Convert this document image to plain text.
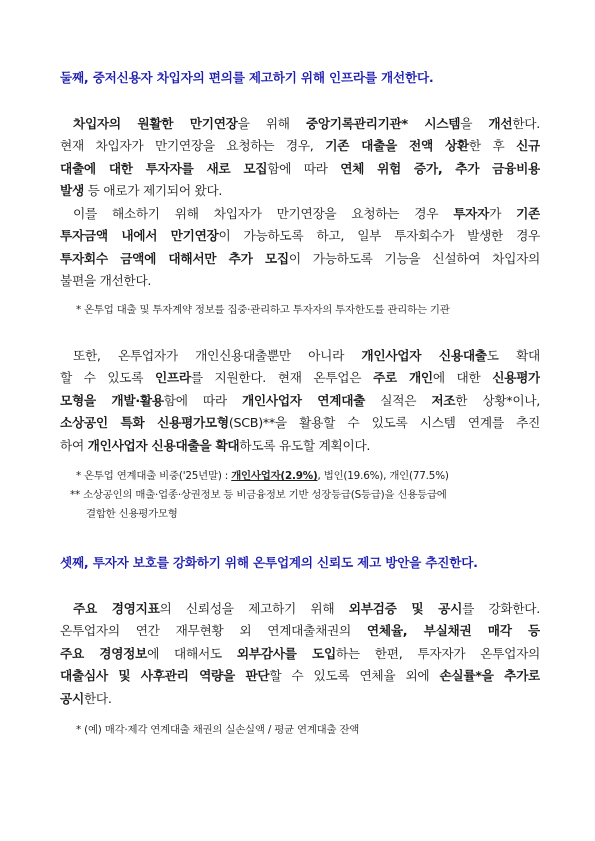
둘째, 중저신용자 차입자의 편의를 제고하기 위해 인프라를 개선한다.
차입자의 원활한 만기연장을 위해 중앙기록관리기관* 시스템을 개선한다.
현재 차입자가 만기연장을 요청하는 경우, 기존 대출을 전액 상환한 후 신규
대출에 대한 투자자를 새로 모집함에 따라 연체 위험 증가, 추가 금융비용
발생 등 애로가 제기되어 왔다.
이를 해소하기 위해 차입자가 만기연장을 요청하는 경우 투자자가 기존
투자금액 내에서 만기연장이 가능하도록 하고, 일부 투자회수가 발생한 경우
투자회수 금액에 대해서만 추가 모집이 가능하도록 기능을 신설하여 차입자의
불편을 개선한다.
* 온투업 대출 및 투자계약 정보를 집중·관리하고 투자자의 투자한도를 관리하는 기관
또한, 온투업자가 개인신용대출뿐만 아니라 개인사업자 신용대출도 확대
할 수 있도록 인프라를 지원한다. 현재 온투업은 주로 개인에 대한 신용평가
모형을 개발·활용함에 따라 개인사업자 연계대출 실적은 저조한 상황*이나,
소상공인 특화 신용평가모형(SCB)**을 활용할 수 있도록 시스템 연계를 추진
하여 개인사업자 신용대출을 확대하도록 유도할 계획이다.
* 온투업 연계대출 비중('25년말) : 개인사업자(2.9%), 법인(19.6%), 개인(77.5%)
** 소상공인의 매출·업종·상권정보 등 비금융정보 기반 성장등급(S등급)을 신용등급에
결합한 신용평가모형
셋째, 투자자 보호를 강화하기 위해 온투업계의 신뢰도 제고 방안을 추진한다.
주요 경영지표의 신뢰성을 제고하기 위해 외부검증 및 공시를 강화한다.
온투업자의 연간 재무현황 외 연계대출채권의 연체율, 부실채권 매각 등
주요 경영정보에 대해서도 외부감사를 도입하는 한편, 투자자가 온투업자의
대출심사 및 사후관리 역량을 판단할 수 있도록 연체율 외에 손실률*을 추가로
공시한다.
* (예) 매각·제각 연계대출 채권의 실손실액 / 평균 연계대출 잔액
